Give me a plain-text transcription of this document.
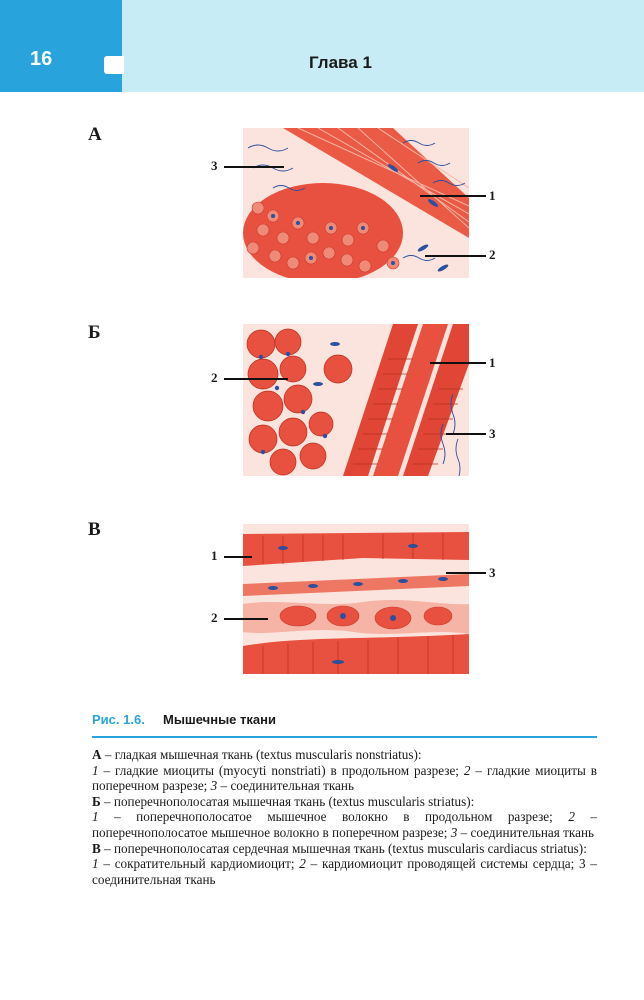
16	Глава 1
А
3
1
2
Б
2
1
3
В
1
3
2
Рис. 1.6. Мышечные ткани

А – гладкая мышечная ткань (textus muscularis nonstriatus):

1 – гладкие миоциты (myocyti nonstriati) в продольном разрезе; 2 – гладкие миоциты в поперечном разрезе; 3 – соединительная ткань

Б – поперечнополосатая мышечная ткань (textus muscularis striatus):

1 – поперечнополосатое мышечное волокно в продольном разрезе; 2 – поперечнополосатое мышечное волокно в поперечном разрезе; 3 – соединительная ткань

В – поперечнополосатая сердечная мышечная ткань (textus muscularis cardiacus striatus):

1 – сократительный кардиомиоцит; 2 – кардиомиоцит проводящей системы сердца; 3 – соединительная ткань
